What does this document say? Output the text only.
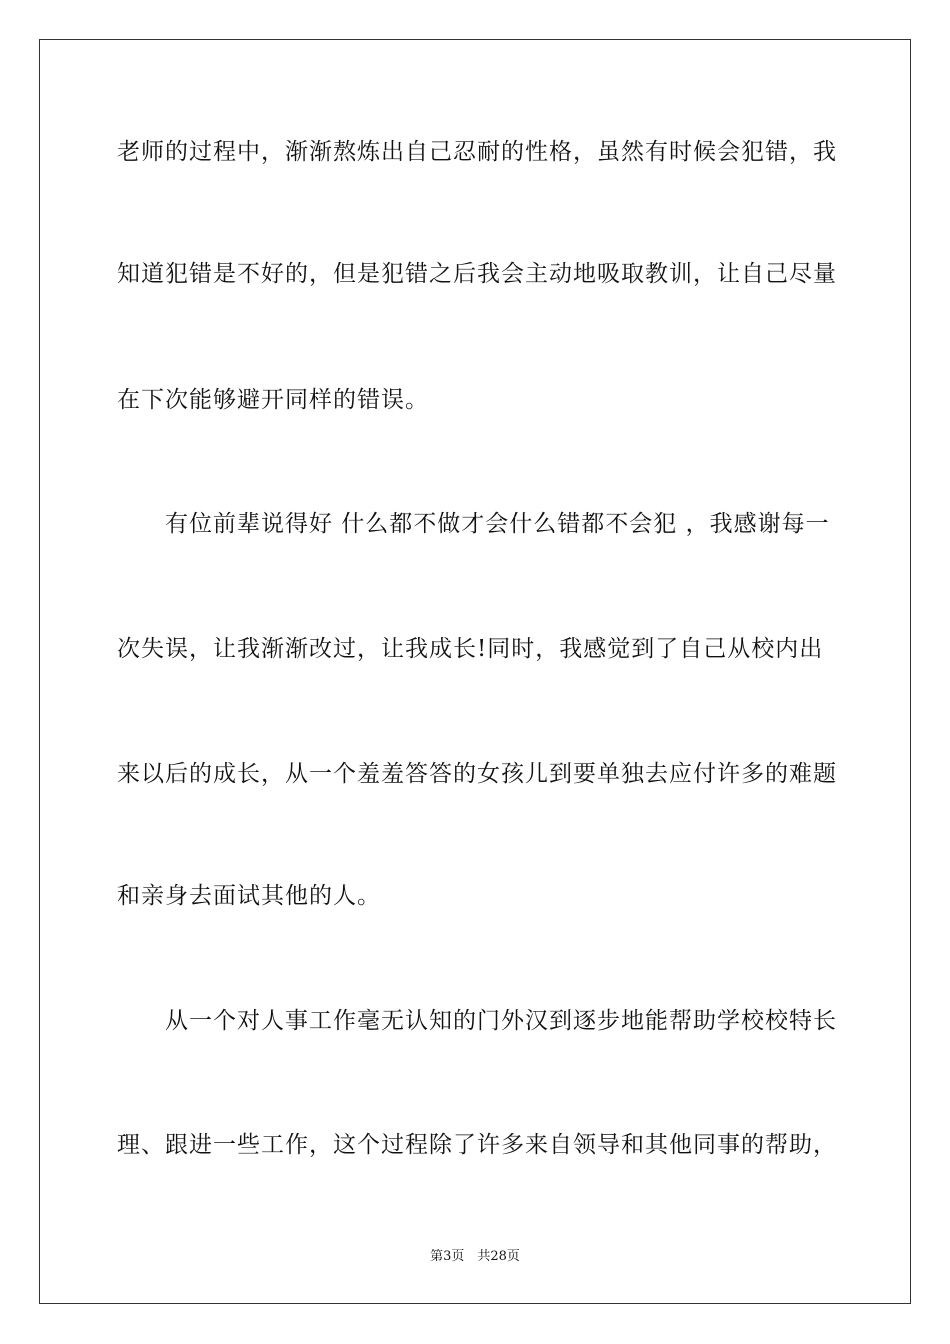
老师的过程中，渐渐熬炼出自己忍耐的性格，虽然有时候会犯错，我
知道犯错是不好的，但是犯错之后我会主动地吸取教训，让自己尽量
在下次能够避开同样的错误。
　　有位前辈说得好 什么都不做才会什么错都不会犯 ，我感谢每一
次失误，让我渐渐改过，让我成长!同时，我感觉到了自己从校内出
来以后的成长，从一个羞羞答答的女孩儿到要单独去应付许多的难题
和亲身去面试其他的人。
　　从一个对人事工作毫无认知的门外汉到逐步地能帮助学校校特长
理、跟进一些工作，这个过程除了许多来自领导和其他同事的帮助，
第3页　共28页
